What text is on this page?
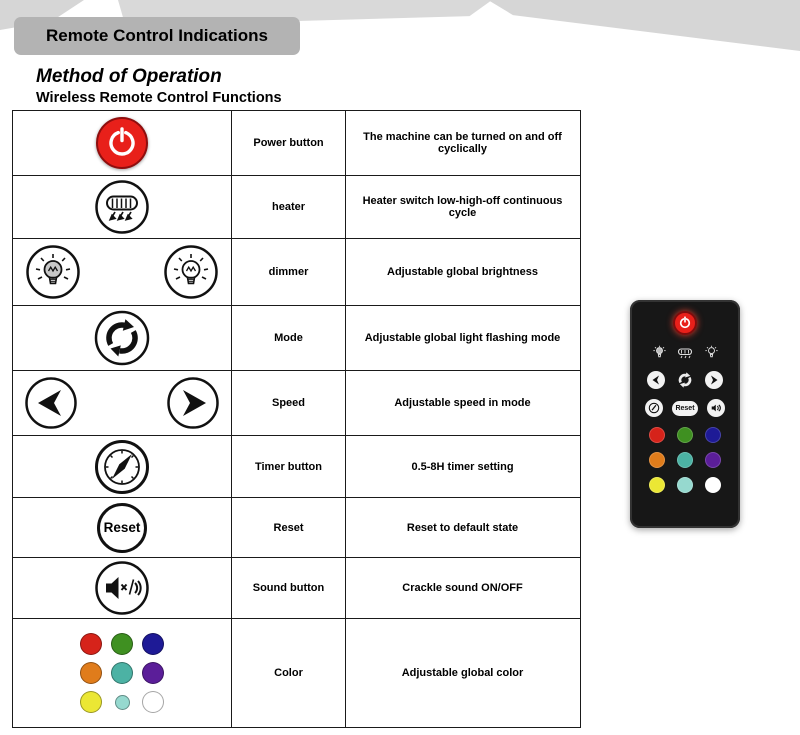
Remote Control Indications
Method of Operation
Wireless Remote Control Functions
Power button	The machine can be turned on and off cyclically
heater	Heater switch low-high-off continuous cycle
dimmer	Adjustable global brightness
Mode	Adjustable global light flashing mode
Speed	Adjustable speed in mode
Timer button	0.5-8H timer setting
Reset	Reset	Reset to default state
Sound button	Crackle sound ON/OFF
Color	Adjustable global color
Reset
